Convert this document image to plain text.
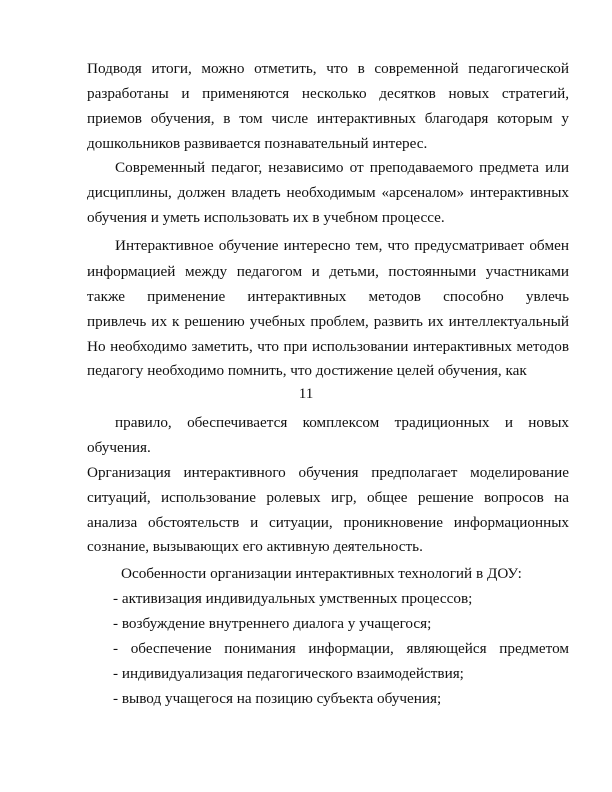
Подводя итоги, можно отметить, что в современной педагогической
разработаны и применяются несколько десятков новых стратегий,
приемов обучения, в том числе интерактивных благодаря которым у
дошкольников развивается познавательный интерес.
Современный педагог, независимо от преподаваемого предмета или
дисциплины, должен владеть необходимым «арсеналом» интерактивных
обучения и уметь использовать их в учебном процессе.
Интерактивное обучение интересно тем, что предусматривает обмен
информацией между педагогом и детьми, постоянными участниками
также применение интерактивных методов способно увлечь
привлечь их к решению учебных проблем, развить их интеллектуальный
Но необходимо заметить, что при использовании интерактивных методов
педагогу необходимо помнить, что достижение целей обучения, как
11
правило, обеспечивается комплексом традиционных и новых
обучения.
Организация интерактивного обучения предполагает моделирование
ситуаций, использование ролевых игр, общее решение вопросов на
анализа обстоятельств и ситуации, проникновение информационных
сознание, вызывающих его активную деятельность.
Особенности организации интерактивных технологий в ДОУ:
- активизация индивидуальных умственных процессов;
- возбуждение внутреннего диалога у учащегося;
- обеспечение понимания информации, являющейся предметом
- индивидуализация педагогического взаимодействия;
- вывод учащегося на позицию субъекта обучения;
